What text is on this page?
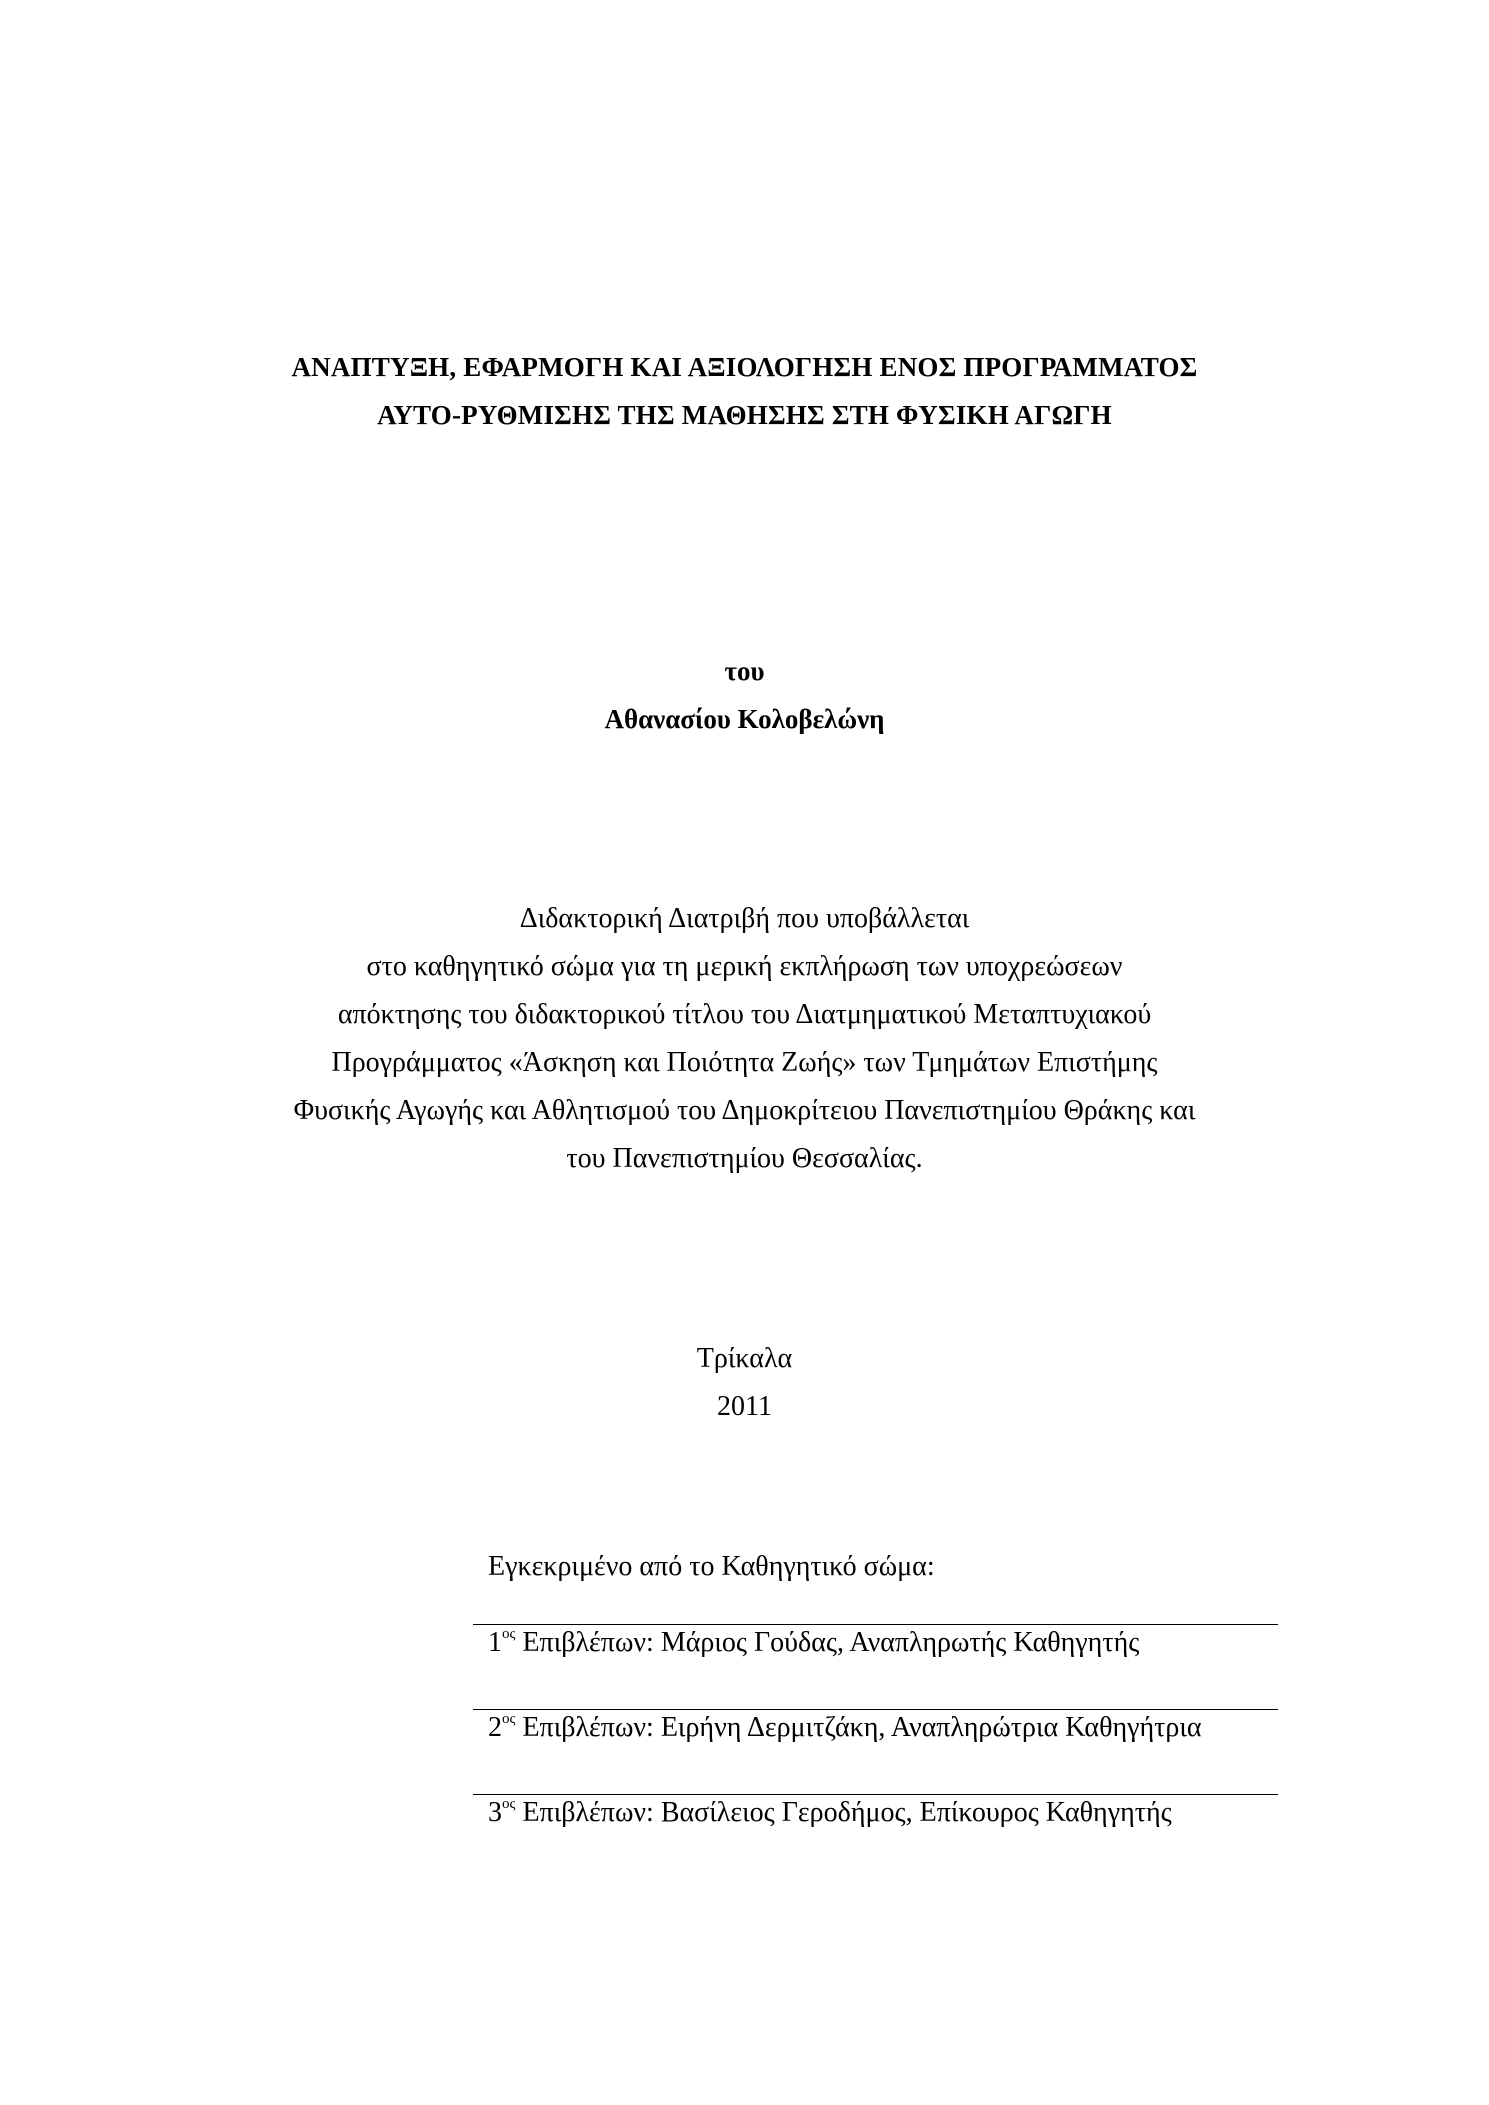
ΑΝΑΠΤΥΞΗ, ΕΦΑΡΜΟΓΗ ΚΑΙ ΑΞΙΟΛΟΓΗΣΗ ΕΝΟΣ ΠΡΟΓΡΑΜΜΑΤΟΣ
ΑΥΤΟ-ΡΥΘΜΙΣΗΣ ΤΗΣ ΜΑΘΗΣΗΣ ΣΤΗ ΦΥΣΙΚΗ ΑΓΩΓΗ
του
Αθανασίου Κολοβελώνη
Διδακτορική Διατριβή που υποβάλλεται
στο καθηγητικό σώμα για τη μερική εκπλήρωση των υποχρεώσεων
απόκτησης του διδακτορικού τίτλου του Διατμηματικού Μεταπτυχιακού
Προγράμματος «Άσκηση και Ποιότητα Ζωής» των Τμημάτων Επιστήμης
Φυσικής Αγωγής και Αθλητισμού του Δημοκρίτειου Πανεπιστημίου Θράκης και
του Πανεπιστημίου Θεσσαλίας.
Τρίκαλα
2011
Εγκεκριμένο από το Καθηγητικό σώμα:
$1^{o\varsigma}$ Επιβλέπων: Μάριος Γούδας, Αναπληρωτής Καθηγητής
$2^{o\varsigma}$ Επιβλέπων: Ειρήνη Δερμιτζάκη, Αναπληρώτρια Καθηγήτρια
$3^{o\varsigma}$ Επιβλέπων: Βασίλειος Γεροδήμος, Επίκουρος Καθηγητής
